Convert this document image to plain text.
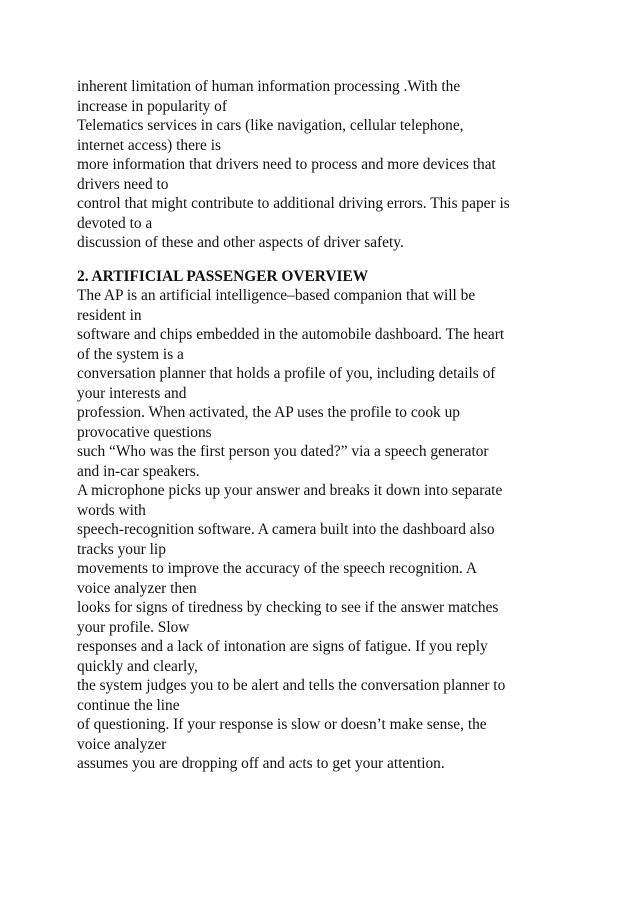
inherent limitation of human information processing .With the
increase in popularity of
Telematics services in cars (like navigation, cellular telephone,
internet access) there is
more information that drivers need to process and more devices that
drivers need to
control that might contribute to additional driving errors. This paper is
devoted to a
discussion of these and other aspects of driver safety.
2. ARTIFICIAL PASSENGER OVERVIEW
The AP is an artificial intelligence–based companion that will be
resident in
software and chips embedded in the automobile dashboard. The heart
of the system is a
conversation planner that holds a profile of you, including details of
your interests and
profession. When activated, the AP uses the profile to cook up
provocative questions
such “Who was the first person you dated?” via a speech generator
and in-car speakers.
A microphone picks up your answer and breaks it down into separate
words with
speech-recognition software. A camera built into the dashboard also
tracks your lip
movements to improve the accuracy of the speech recognition. A
voice analyzer then
looks for signs of tiredness by checking to see if the answer matches
your profile. Slow
responses and a lack of intonation are signs of fatigue. If you reply
quickly and clearly,
the system judges you to be alert and tells the conversation planner to
continue the line
of questioning. If your response is slow or doesn’t make sense, the
voice analyzer
assumes you are dropping off and acts to get your attention.
